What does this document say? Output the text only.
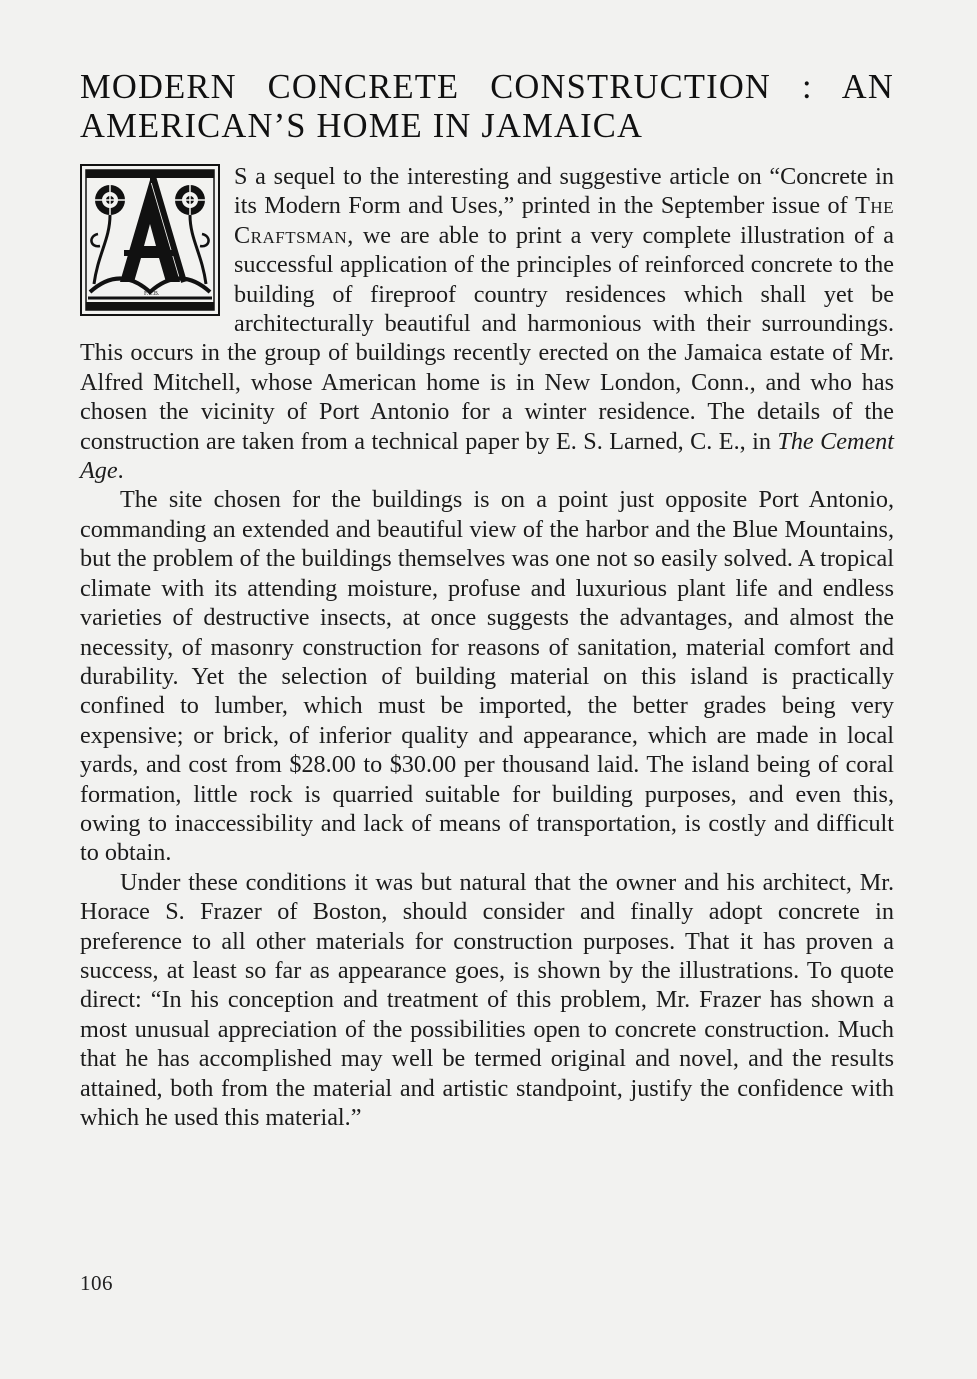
MODERN CONCRETE CONSTRUCTION : AN
AMERICAN’S HOME IN JAMAICA
F.C.B.

S a sequel to the interesting and suggestive article on “Concrete in its Modern Form and Uses,” printed in the September issue of The Craftsman, we are able to print a very complete illustration of a successful application of the principles of reinforced concrete to the building of fireproof country residences which shall yet be architecturally beautiful and harmonious with their surroundings. This occurs in the group of buildings recently erected on the Jamaica estate of Mr. Alfred Mitchell, whose American home is in New London, Conn., and who has chosen the vicinity of Port Antonio for a winter residence. The details of the construction are taken from a technical paper by E. S. Larned, C. E., in The Cement Age.

The site chosen for the buildings is on a point just opposite Port Antonio, commanding an extended and beautiful view of the harbor and the Blue Mountains, but the problem of the buildings themselves was one not so easily solved. A tropical climate with its attending moisture, profuse and luxurious plant life and endless varieties of destructive insects, at once suggests the advantages, and almost the necessity, of masonry construction for reasons of sanitation, material comfort and durability. Yet the selection of building material on this island is practically confined to lumber, which must be imported, the better grades being very expensive; or brick, of inferior quality and appearance, which are made in local yards, and cost from $28.00 to $30.00 per thousand laid. The island being of coral formation, little rock is quarried suitable for building purposes, and even this, owing to inaccessibility and lack of means of transportation, is costly and difficult to obtain.

Under these conditions it was but natural that the owner and his architect, Mr. Horace S. Frazer of Boston, should consider and finally adopt concrete in preference to all other materials for construction purposes. That it has proven a success, at least so far as appearance goes, is shown by the illustrations. To quote direct: “In his conception and treatment of this problem, Mr. Frazer has shown a most unusual appreciation of the possibilities open to concrete construction. Much that he has accomplished may well be termed original and novel, and the results attained, both from the material and artistic standpoint, justify the confidence with which he used this material.”

106
